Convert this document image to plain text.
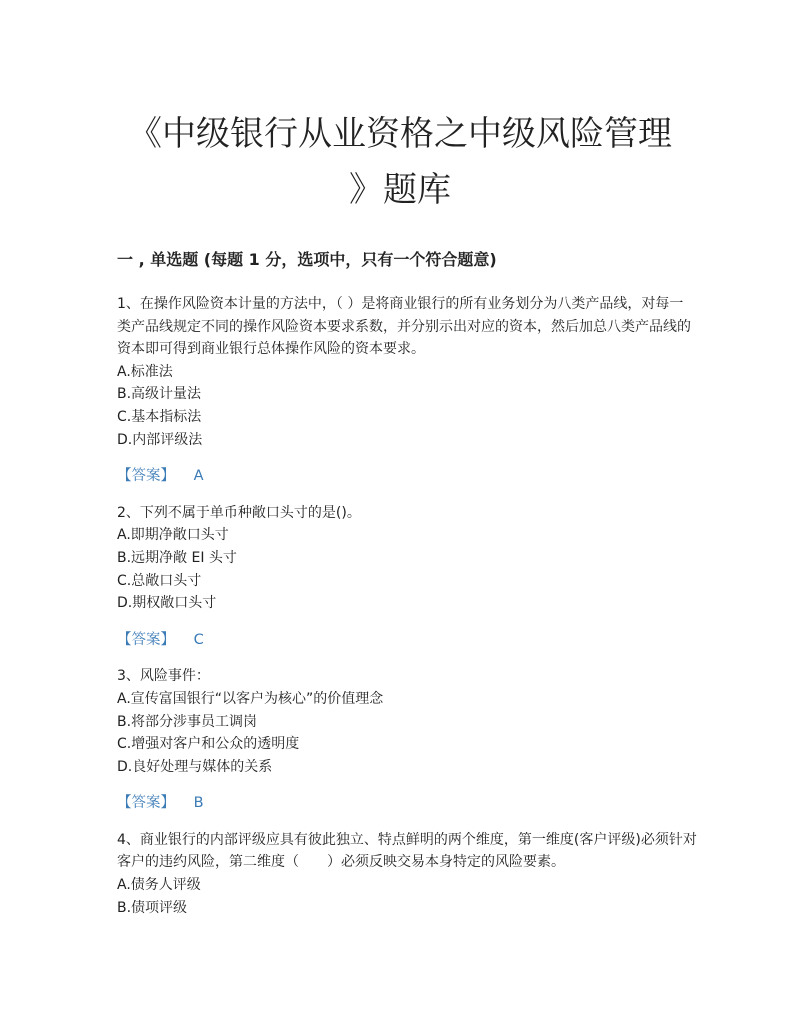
《中级银行从业资格之中级风险管理
》题库
一 , 单选题 (每题 1 分，选项中，只有一个符合题意)

1、在操作风险资本计量的方法中，（ ）是将商业银行的所有业务划分为八类产品线，对每一类产品线规定不同的操作风险资本要求系数，并分别示出对应的资本，然后加总八类产品线的资本即可得到商业银行总体操作风险的资本要求。

A.标准法

B.高级计量法

C.基本指标法

D.内部评级法

【答案】 A

2、下列不属于单币种敞口头寸的是()。

A.即期净敞口头寸

B.远期净敞 EI 头寸

C.总敞口头寸

D.期权敞口头寸

【答案】 C

3、风险事件：

A.宣传富国银行“以客户为核心”的价值理念

B.将部分涉事员工调岗

C.增强对客户和公众的透明度

D.良好处理与媒体的关系

【答案】 B

4、商业银行的内部评级应具有彼此独立、特点鲜明的两个维度，第一维度(客户评级)必须针对客户的违约风险，第二维度（　　）必须反映交易本身特定的风险要素。

A.债务人评级

B.债项评级
